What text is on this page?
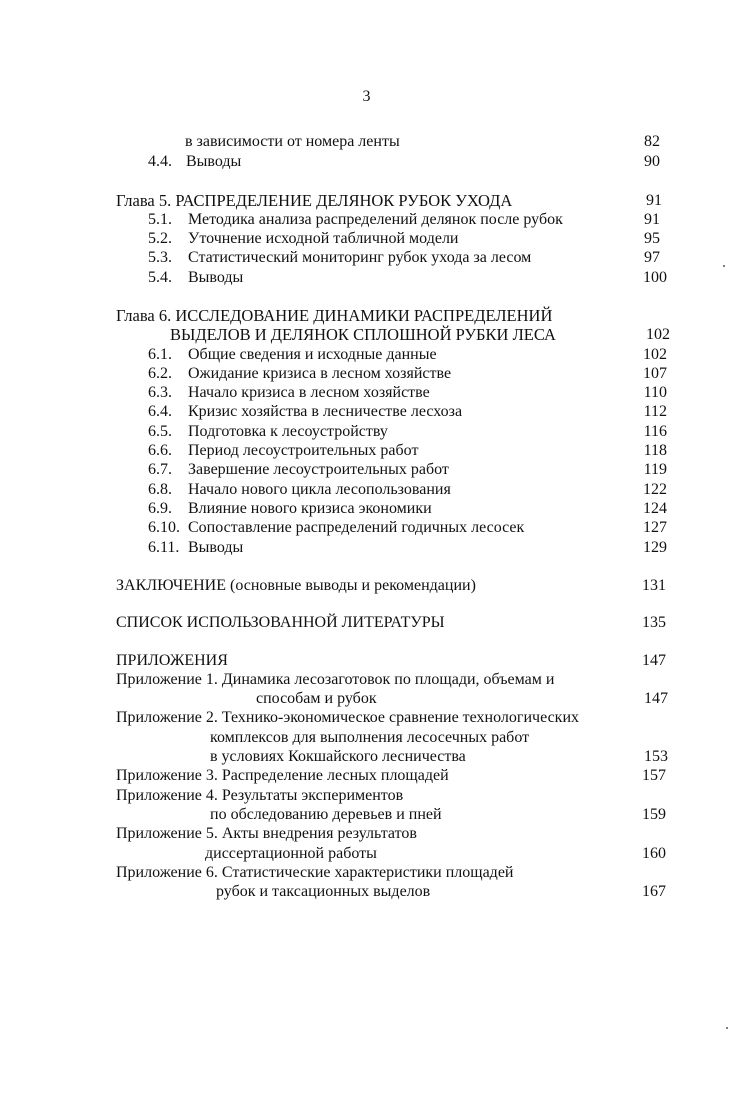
3
в зависимости от номера ленты	82
4.4. Выводы	90
Глава 5. РАСПРЕДЕЛЕНИЕ ДЕЛЯНОК РУБОК УХОДА	91
5.1. Методика анализа распределений делянок после рубок	91
5.2. Уточнение исходной табличной модели	95
5.3. Статистический мониторинг рубок ухода за лесом	97
5.4. Выводы	100
Глава 6. ИССЛЕДОВАНИЕ ДИНАМИКИ РАСПРЕДЕЛЕНИЙ
ВЫДЕЛОВ И ДЕЛЯНОК СПЛОШНОЙ РУБКИ ЛЕСА	102
6.1. Общие сведения и исходные данные	102
6.2. Ожидание кризиса в лесном хозяйстве	107
6.3. Начало кризиса в лесном хозяйстве	110
6.4. Кризис хозяйства в лесничестве лесхоза	112
6.5. Подготовка к лесоустройству	116
6.6. Период лесоустроительных работ	118
6.7. Завершение лесоустроительных работ	119
6.8. Начало нового цикла лесопользования	122
6.9. Влияние нового кризиса экономики	124
6.10. Сопоставление распределений годичных лесосек	127
6.11. Выводы	129
ЗАКЛЮЧЕНИЕ (основные выводы и рекомендации)	131
СПИСОК ИСПОЛЬЗОВАННОЙ ЛИТЕРАТУРЫ	135
ПРИЛОЖЕНИЯ	147
Приложение 1. Динамика лесозаготовок по площади, объемам и
способам и рубок	147
Приложение 2. Технико-экономическое сравнение технологических
комплексов для выполнения лесосечных работ
в условиях Кокшайского лесничества	153
Приложение 3. Распределение лесных площадей	157
Приложение 4. Результаты экспериментов
по обследованию деревьев и пней	159
Приложение 5. Акты внедрения результатов
диссертационной работы	160
Приложение 6. Статистические характеристики площадей
рубок и таксационных выделов	167
